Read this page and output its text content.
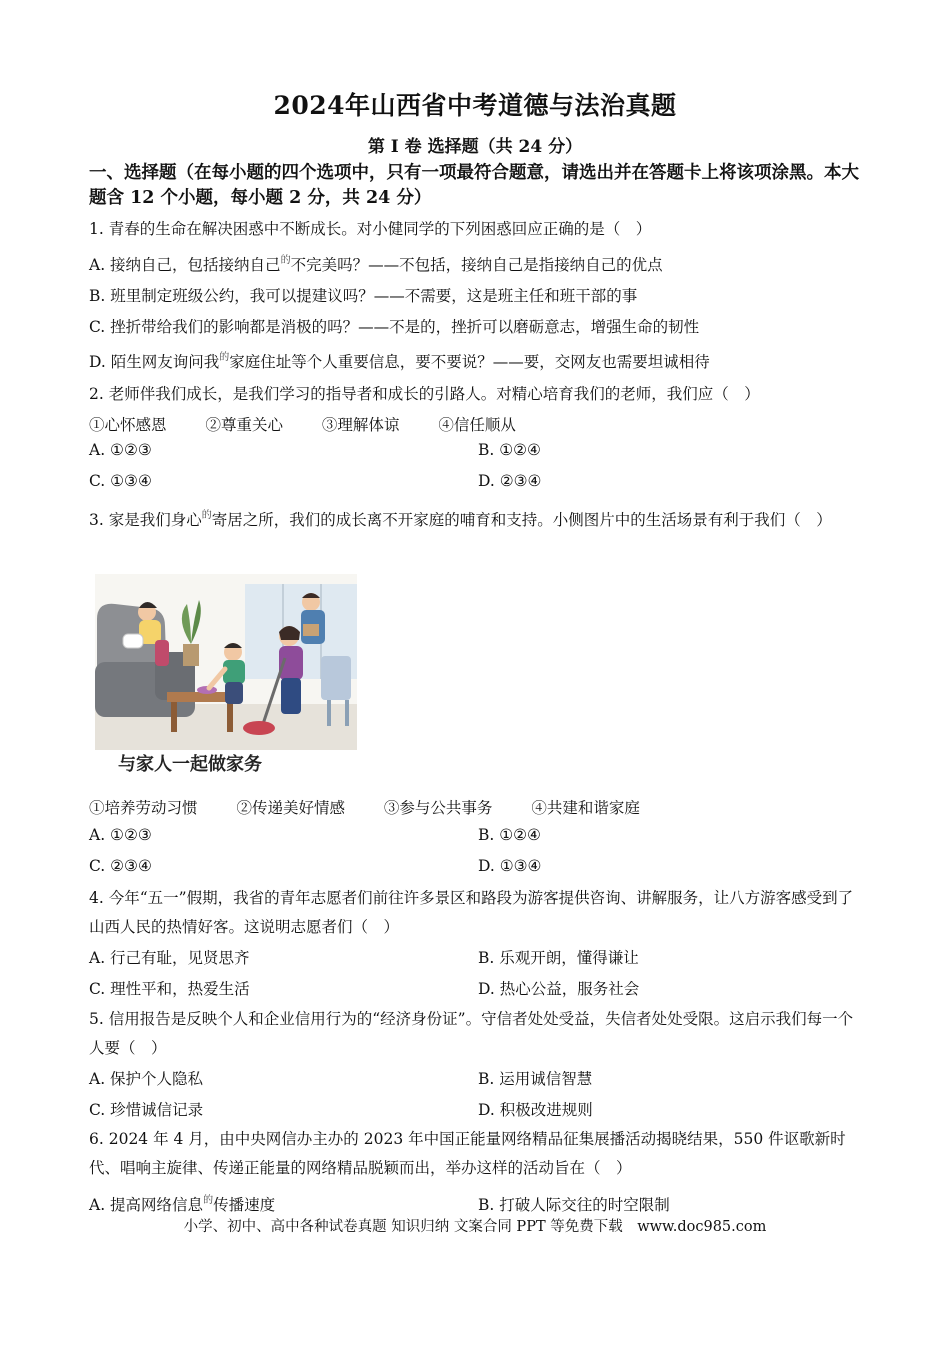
2024年山西省中考道德与法治真题
第 I 卷 选择题（共 24 分）
一、选择题（在每小题的四个选项中，只有一项最符合题意，请选出并在答题卡上将该项涂黑。本大题含 12 个小题，每小题 2 分，共 24 分）
1. 青春的生命在解决困惑中不断成长。对小健同学的下列困惑回应正确的是（　）
A. 接纳自己，包括接纳自己$^的$不完美吗？——不包括，接纳自己是指接纳自己的优点
B. 班里制定班级公约，我可以提建议吗？——不需要，这是班主任和班干部的事
C. 挫折带给我们的影响都是消极的吗？——不是的，挫折可以磨砺意志，增强生命的韧性
D. 陌生网友询问我$^的$家庭住址等个人重要信息，要不要说？——要，交网友也需要坦诚相待
2. 老师伴我们成长，是我们学习的指导者和成长的引路人。对精心培育我们的老师，我们应（　）
①心怀感恩	②尊重关心	③理解体谅	④信任顺从
A. ①②③	B. ①②④
C. ①③④	D. ②③④
3. 家是我们身心$^的$寄居之所，我们的成长离不开家庭的哺育和支持。小侧图片中的生活场景有利于我们（　）
与家人一起做家务
①培养劳动习惯	②传递美好情感	③参与公共事务	④共建和谐家庭
A. ①②③	B. ①②④
C. ②③④	D. ①③④
4. 今年“五一”假期，我省的青年志愿者们前往许多景区和路段为游客提供咨询、讲解服务，让八方游客感受到了山西人民的热情好客。这说明志愿者们（　）
A. 行己有耻，见贤思齐	B. 乐观开朗，懂得谦让
C. 理性平和，热爱生活	D. 热心公益，服务社会
5. 信用报告是反映个人和企业信用行为的“经济身份证”。守信者处处受益，失信者处处受限。这启示我们每一个人要（　）
A. 保护个人隐私	B. 运用诚信智慧
C. 珍惜诚信记录	D. 积极改进规则
6. 2024 年 4 月，由中央网信办主办的 2023 年中国正能量网络精品征集展播活动揭晓结果，550 件讴歌新时代、唱响主旋律、传递正能量的网络精品脱颖而出，举办这样的活动旨在（　）
A. 提高网络信息$^的$传播速度	B. 打破人际交往的时空限制
小学、初中、高中各种试卷真题 知识归纳 文案合同 PPT 等免费下载　www.doc985.com
